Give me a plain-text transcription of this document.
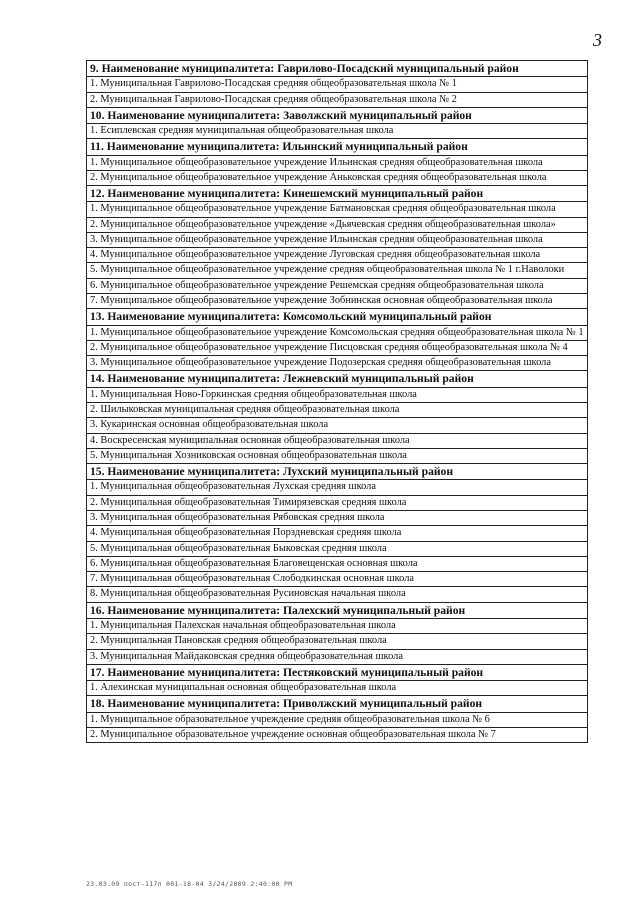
3
9. Наименование муниципалитета: Гаврилово-Посадский муниципальный район
1. Муниципальная Гаврилово-Посадская средняя общеобразовательная школа № 1
2. Муниципальная Гаврилово-Посадская средняя общеобразовательная школа № 2
10. Наименование муниципалитета: Заволжский муниципальный район
1. Есиплевская средняя муниципальная общеобразовательная школа
11. Наименование муниципалитета: Ильинский муниципальный район
1. Муниципальное общеобразовательное учреждение Ильинская средняя общеобразовательная школа
2. Муниципальное общеобразовательное учреждение Аньковская средняя общеобразовательная школа
12. Наименование муниципалитета: Кинешемский муниципальный район
1. Муниципальное общеобразовательное учреждение Батмановская средняя общеобразовательная школа
2. Муниципальное общеобразовательное учреждение «Дьячевская средняя общеобразовательная школа»
3. Муниципальное общеобразовательное учреждение Ильинская средняя общеобразовательная школа
4. Муниципальное общеобразовательное учреждение Луговская средняя общеобразовательная школа
5. Муниципальное общеобразовательное учреждение средняя общеобразовательная школа № 1 г.Наволоки
6. Муниципальное общеобразовательное учреждение Решемская средняя общеобразовательная школа
7. Муниципальное общеобразовательное учреждение Зобнинская основная общеобразовательная школа
13. Наименование муниципалитета: Комсомольский муниципальный район
1. Муниципальное общеобразовательное учреждение Комсомольская средняя общеобразовательная школа № 1
2. Муниципальное общеобразовательное учреждение Писцовская средняя общеобразовательная школа № 4
3. Муниципальное общеобразовательное учреждение Подозерская средняя общеобразовательная школа
14. Наименование муниципалитета: Лежневский муниципальный район
1. Муниципальная Ново-Горкинская средняя общеобразовательная школа
2. Шилыковская муниципальная средняя общеобразовательная школа
3. Кукаринская основная общеобразовательная школа
4. Воскресенская муниципальная основная общеобразовательная школа
5. Муниципальная Хозниковская основная общеобразовательная школа
15. Наименование муниципалитета: Лухский муниципальный район
1. Муниципальная общеобразовательная Лухская средняя школа
2. Муниципальная общеобразовательная Тимирязевская средняя школа
3. Муниципальная общеобразовательная Рябовская средняя школа
4. Муниципальная общеобразовательная Порздневская средняя школа
5. Муниципальная общеобразовательная Быковская средняя школа
6. Муниципальная общеобразовательная Благовещенская основная школа
7. Муниципальная общеобразовательная Слободкинская основная школа
8. Муниципальная общеобразовательная Русиновская начальная школа
16. Наименование муниципалитета: Палехский муниципальный район
1. Муниципальная Палехская начальная общеобразовательная школа
2. Муниципальная Пановская средняя общеобразовательная школа
3. Муниципальная Майдаковская средняя общеобразовательная школа
17. Наименование муниципалитета: Пестяковский муниципальный район
1. Алехинская муниципальная основная общеобразовательная школа
18. Наименование муниципалитета: Приволжский муниципальный район
1. Муниципальное образовательное учреждение средняя общеобразовательная школа № 6
2. Муниципальное образовательное учреждение основная общеобразовательная школа № 7
23.03.09 пост-117п 001-18-04 3/24/2009 2:40:00 PM
